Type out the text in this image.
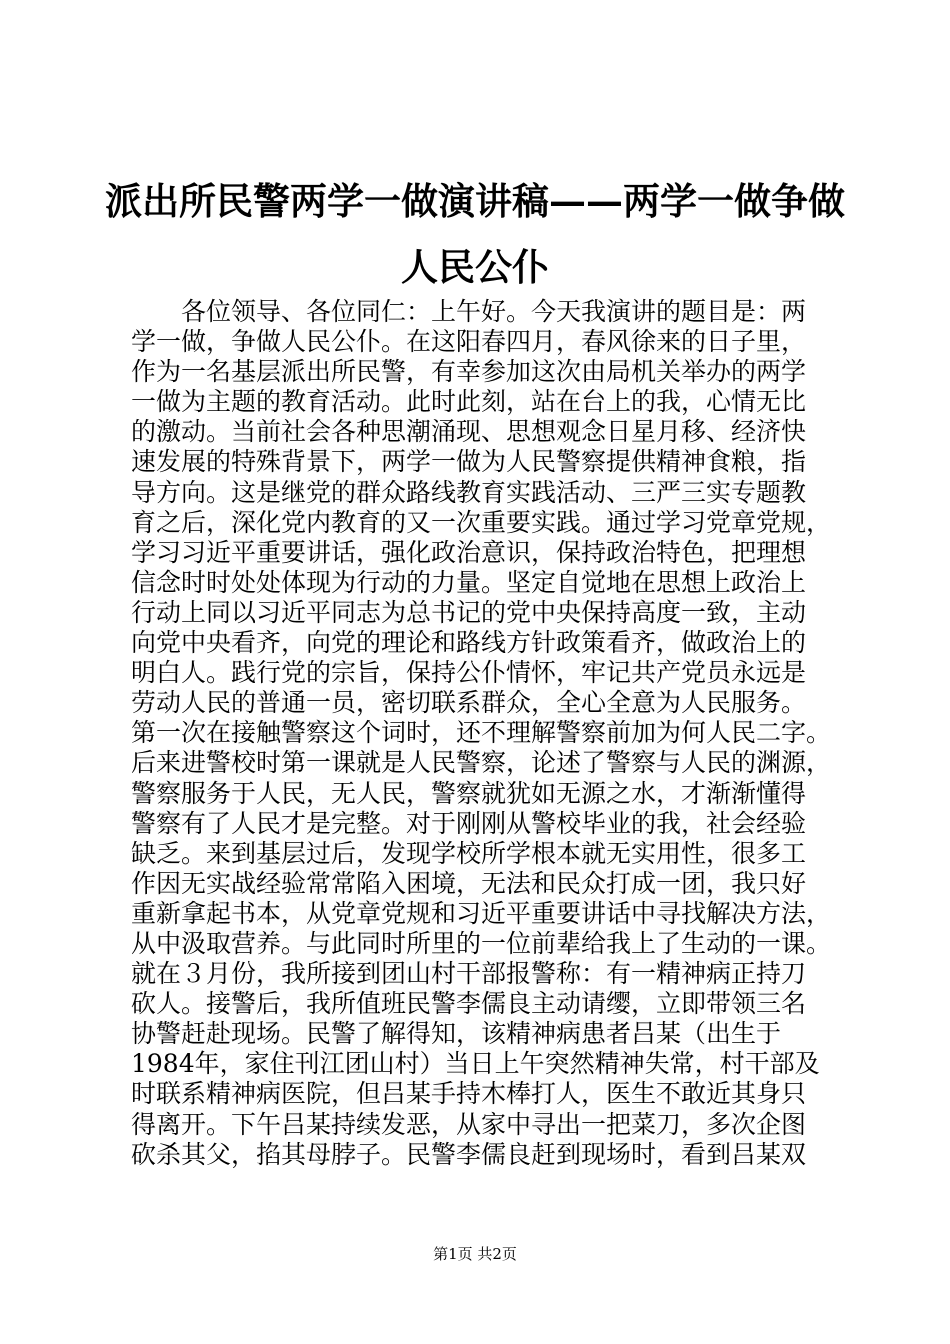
派出所民警两学一做演讲稿——两学一做争做
人民公仆
各位领导、各位同仁：上午好。今天我演讲的题目是：两
学一做，争做人民公仆。在这阳春四月，春风徐来的日子里，
作为一名基层派出所民警，有幸参加这次由局机关举办的两学
一做为主题的教育活动。此时此刻，站在台上的我，心情无比
的激动。当前社会各种思潮涌现、思想观念日星月移、经济快
速发展的特殊背景下，两学一做为人民警察提供精神食粮，指
导方向。这是继党的群众路线教育实践活动、三严三实专题教
育之后，深化党内教育的又一次重要实践。通过学习党章党规，
学习习近平重要讲话，强化政治意识，保持政治特色，把理想
信念时时处处体现为行动的力量。坚定自觉地在思想上政治上
行动上同以习近平同志为总书记的党中央保持高度一致，主动
向党中央看齐，向党的理论和路线方针政策看齐，做政治上的
明白人。践行党的宗旨，保持公仆情怀，牢记共产党员永远是
劳动人民的普通一员，密切联系群众，全心全意为人民服务。
第一次在接触警察这个词时，还不理解警察前加为何人民二字。
后来进警校时第一课就是人民警察，论述了警察与人民的渊源，
警察服务于人民，无人民，警察就犹如无源之水，才渐渐懂得
警察有了人民才是完整。对于刚刚从警校毕业的我，社会经验
缺乏。来到基层过后，发现学校所学根本就无实用性，很多工
作因无实战经验常常陷入困境，无法和民众打成一团，我只好
重新拿起书本，从党章党规和习近平重要讲话中寻找解决方法，
从中汲取营养。与此同时所里的一位前辈给我上了生动的一课。
就在３月份，我所接到团山村干部报警称：有一精神病正持刀
砍人。接警后，我所值班民警李儒良主动请缨，立即带领三名
协警赶赴现场。民警了解得知，该精神病患者吕某（出生于
1984年，家住刊江团山村）当日上午突然精神失常，村干部及
时联系精神病医院，但吕某手持木棒打人，医生不敢近其身只
得离开。下午吕某持续发恶，从家中寻出一把菜刀，多次企图
砍杀其父，掐其母脖子。民警李儒良赶到现场时，看到吕某双
第1页 共2页
